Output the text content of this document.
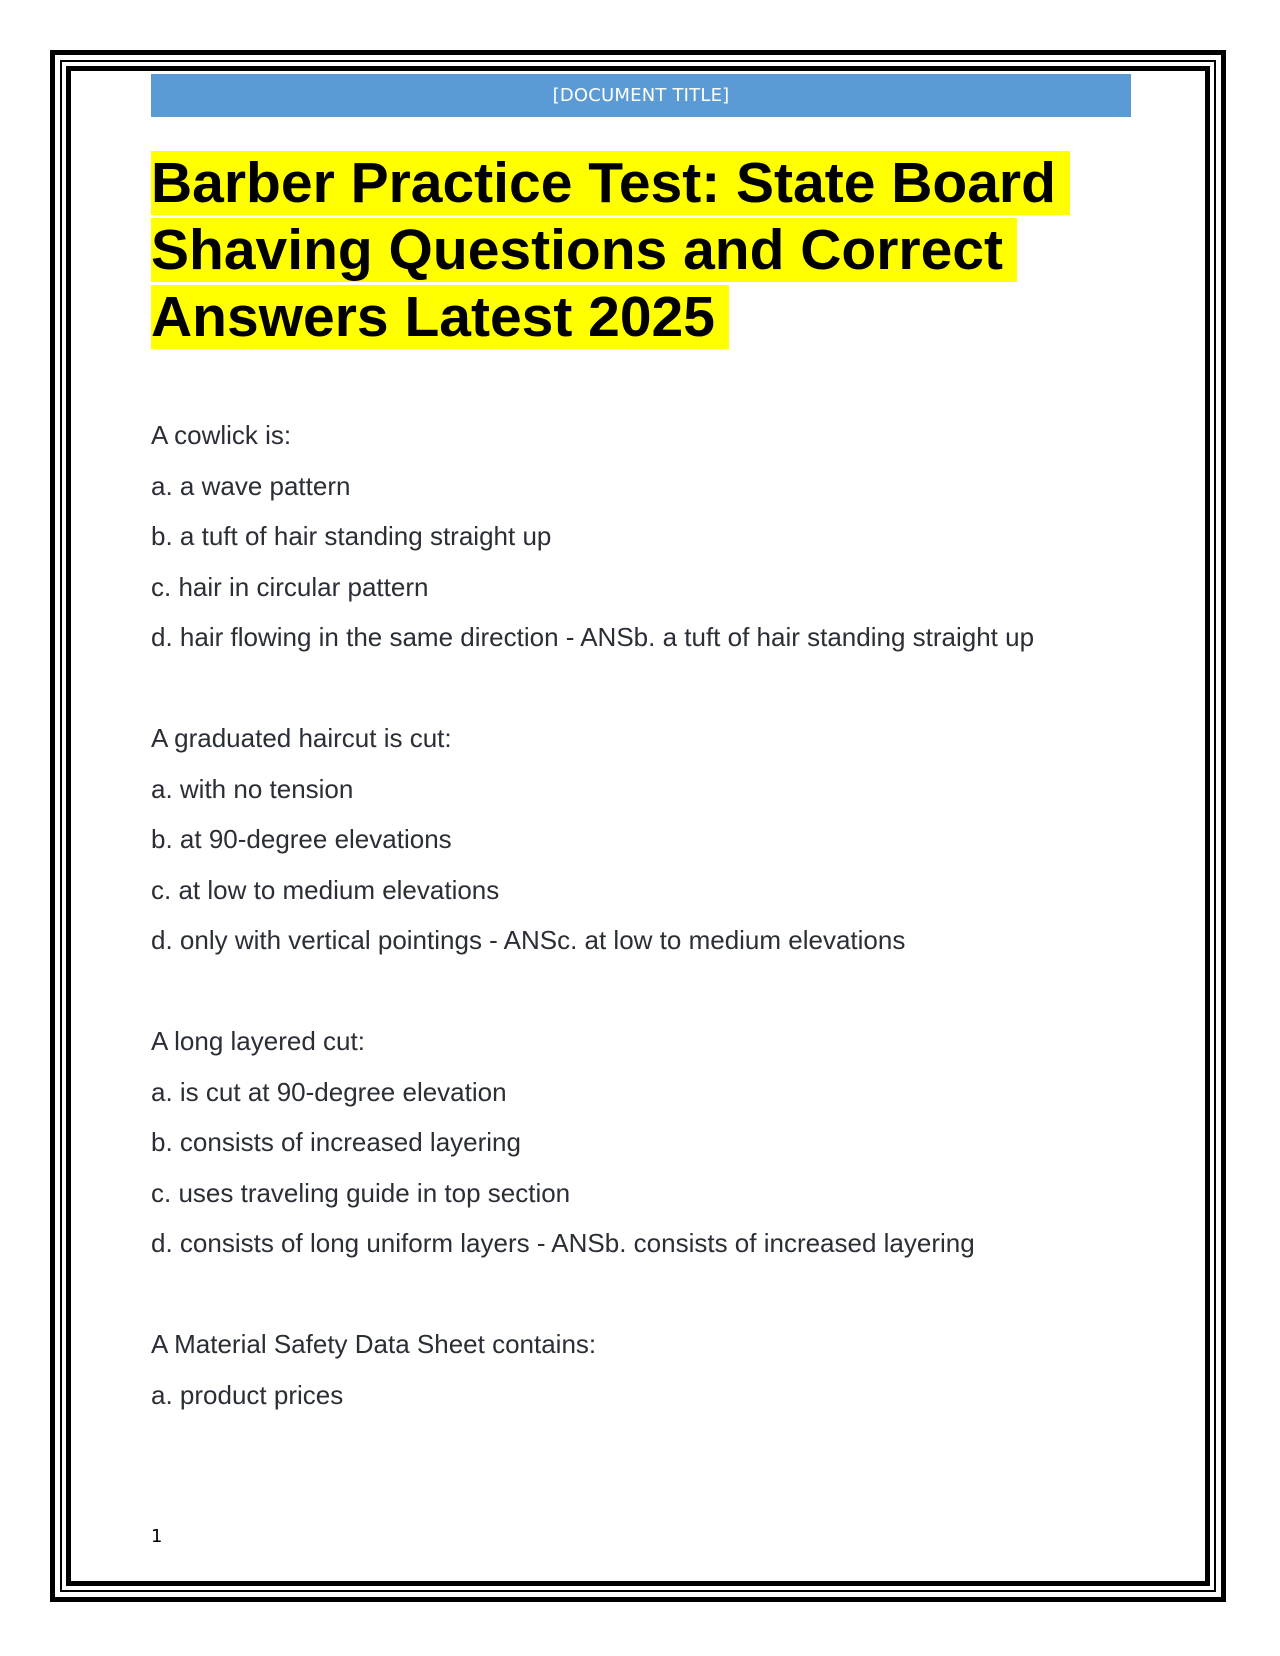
[DOCUMENT TITLE]
Barber Practice Test: State Board
Shaving Questions and Correct
Answers Latest 2025

A cowlick is:

a. a wave pattern

b. a tuft of hair standing straight up

c. hair in circular pattern

d. hair flowing in the same direction - ANSb. a tuft of hair standing straight up

A graduated haircut is cut:

a. with no tension

b. at 90-degree elevations

c. at low to medium elevations

d. only with vertical pointings - ANSc. at low to medium elevations

A long layered cut:

a. is cut at 90-degree elevation

b. consists of increased layering

c. uses traveling guide in top section

d. consists of long uniform layers - ANSb. consists of increased layering

A Material Safety Data Sheet contains:

a. product prices

1
